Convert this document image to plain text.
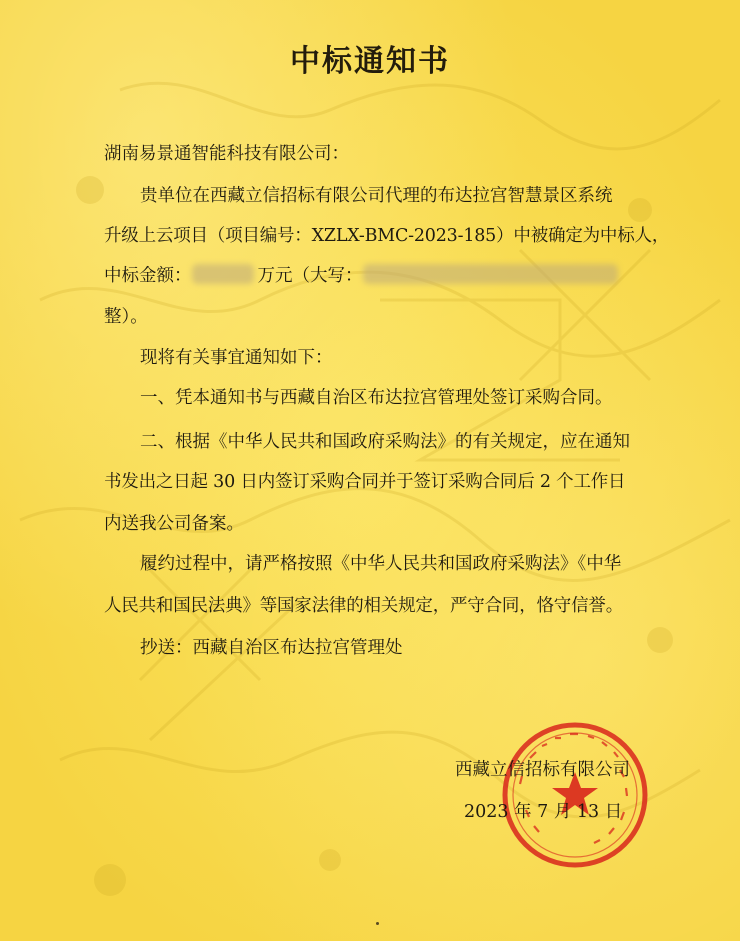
中标通知书
湖南易景通智能科技有限公司：
贵单位在西藏立信招标有限公司代理的布达拉宫智慧景区系统
升级上云项目（项目编号：XZLX-BMC-2023-185）中被确定为中标人，
中标金额：	万元（大写：
整）。
现将有关事宜通知如下：
一、凭本通知书与西藏自治区布达拉宫管理处签订采购合同。
二、根据《中华人民共和国政府采购法》的有关规定，应在通知
书发出之日起 30 日内签订采购合同并于签订采购合同后 2 个工作日
内送我公司备案。
履约过程中，请严格按照《中华人民共和国政府采购法》《中华
人民共和国民法典》等国家法律的相关规定，严守合同，恪守信誉。
抄送：西藏自治区布达拉宫管理处
西藏立信招标有限公司
2023 年 7 月 13 日
